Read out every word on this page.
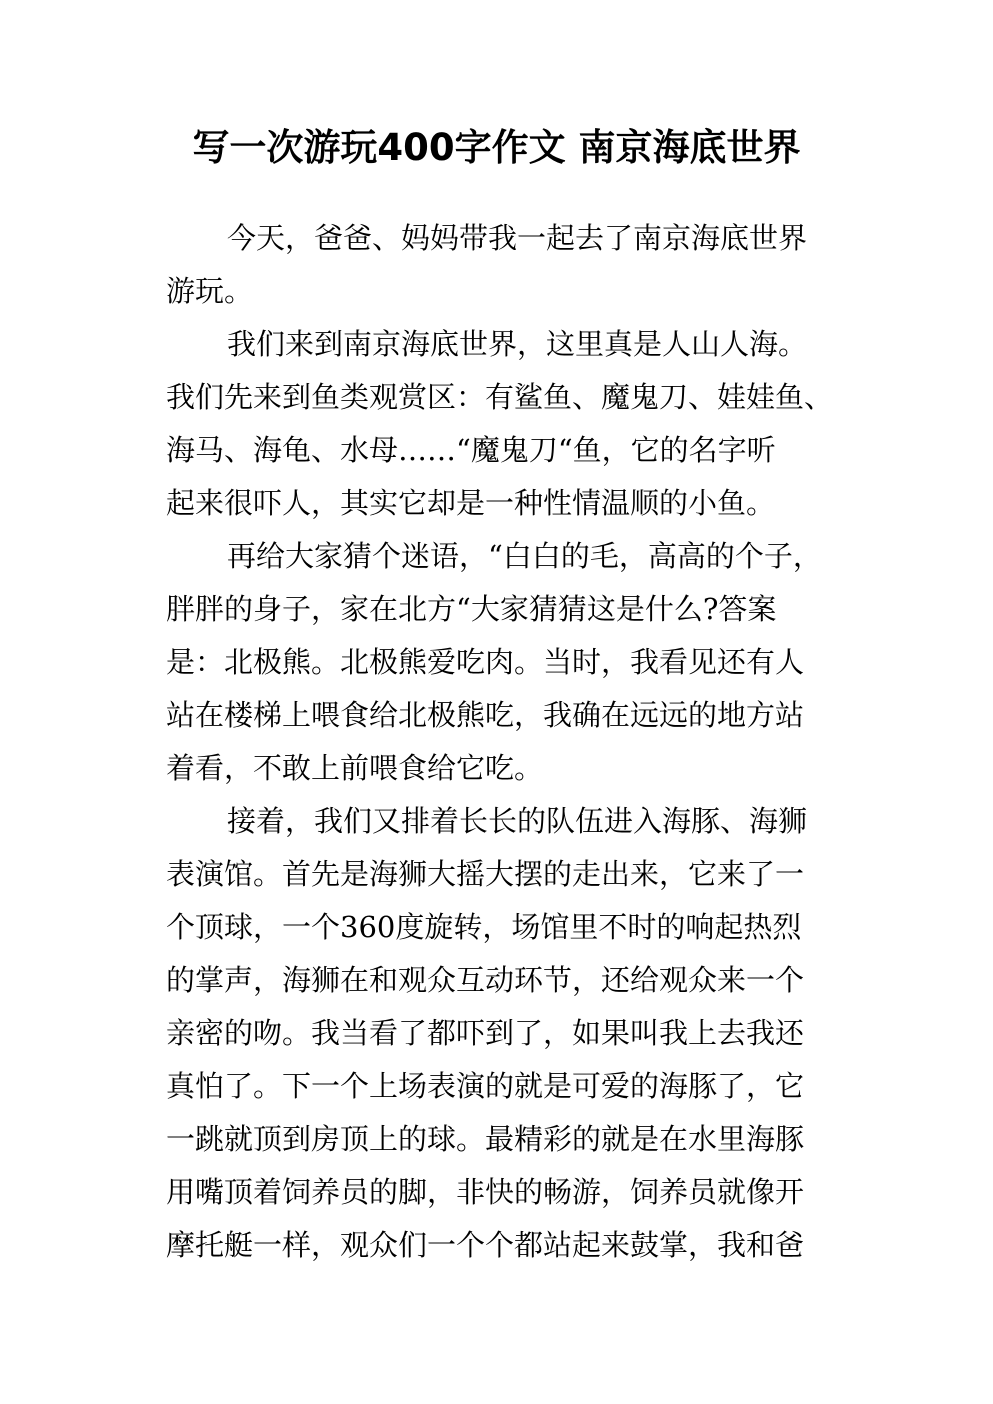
写一次游玩400字作文 南京海底世界

今天，爸爸、妈妈带我一起去了南京海底世界
游玩。

我们来到南京海底世界，这里真是人山人海。
我们先来到鱼类观赏区：有鲨鱼、魔鬼刀、娃娃鱼、
海马、海龟、水母……“魔鬼刀“鱼，它的名字听
起来很吓人，其实它却是一种性情温顺的小鱼。

再给大家猜个迷语，“白白的毛，高高的个子，
胖胖的身子，家在北方“大家猜猜这是什么?答案
是：北极熊。北极熊爱吃肉。当时，我看见还有人
站在楼梯上喂食给北极熊吃，我确在远远的地方站
着看，不敢上前喂食给它吃。

接着，我们又排着长长的队伍进入海豚、海狮
表演馆。首先是海狮大摇大摆的走出来，它来了一
个顶球，一个360度旋转，场馆里不时的响起热烈
的掌声，海狮在和观众互动环节，还给观众来一个
亲密的吻。我当看了都吓到了，如果叫我上去我还
真怕了。下一个上场表演的就是可爱的海豚了，它
一跳就顶到房顶上的球。最精彩的就是在水里海豚
用嘴顶着饲养员的脚，非快的畅游，饲养员就像开
摩托艇一样，观众们一个个都站起来鼓掌，我和爸
